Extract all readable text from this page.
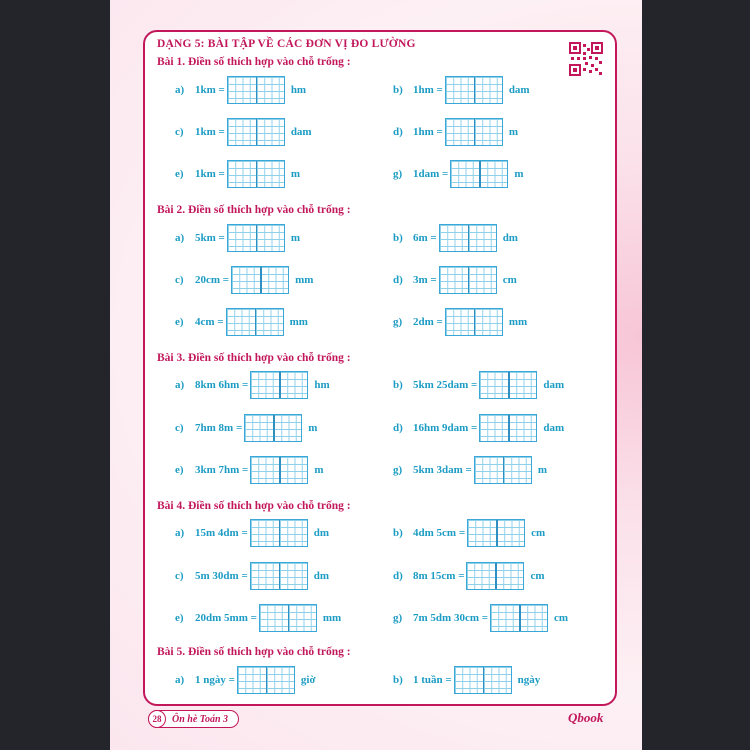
DẠNG 5: BÀI TẬP VỀ CÁC ĐƠN VỊ ĐO LƯỜNG
Bài 1. Điền số thích hợp vào chỗ trống :
a) 1km =	hm	b) 1hm =	dam
c)	1km =	dam	d) 1hm =	m
e)	1km =	m	g) 1dam =	m
Bài 2. Điền số thích hợp vào chỗ trống :
a) 5km =	m	b) 6m =	dm
c)	20cm =	mm	d) 3m =	cm
e)	4cm =	mm	g) 2dm =	mm
Bài 3. Điền số thích hợp vào chỗ trống :
a) 8km 6hm =	hm	b) 5km 25dam =	dam
c)	7hm 8m =	m	d) 16hm 9dam =	dam
e)	3km 7hm =	m	g) 5km 3dam =	m
Bài 4. Điền số thích hợp vào chỗ trống :
a) 15m 4dm =	dm	b) 4dm 5cm =	cm
c)	5m 30dm =	dm	d) 8m 15cm =	cm
e)	20dm 5mm =	mm	g) 7m 5dm 30cm =	cm
Bài 5. Điền số thích hợp vào chỗ trống :
a) 1 ngày =	giờ	b) 1 tuần =	ngày
28	Ôn hè Toán 3	Qbook
